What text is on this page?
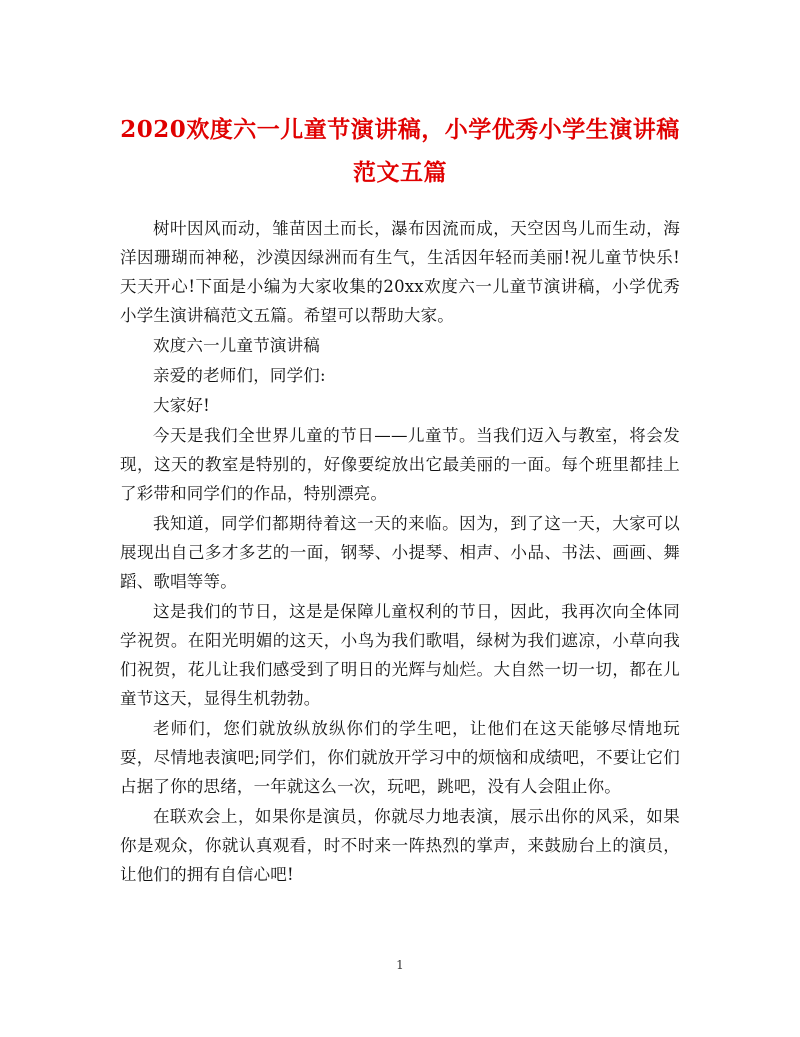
2020欢度六一儿童节演讲稿，小学优秀小学生演讲稿范文五篇

树叶因风而动，雏苗因土而长，瀑布因流而成，天空因鸟儿而生动，海洋因珊瑚而神秘，沙漠因绿洲而有生气，生活因年轻而美丽!祝儿童节快乐!天天开心!下面是小编为大家收集的20xx欢度六一儿童节演讲稿，小学优秀小学生演讲稿范文五篇。希望可以帮助大家。

欢度六一儿童节演讲稿

亲爱的老师们，同学们:

大家好!

今天是我们全世界儿童的节日——儿童节。当我们迈入与教室，将会发现，这天的教室是特别的，好像要绽放出它最美丽的一面。每个班里都挂上了彩带和同学们的作品，特别漂亮。

我知道，同学们都期待着这一天的来临。因为，到了这一天，大家可以展现出自己多才多艺的一面，钢琴、小提琴、相声、小品、书法、画画、舞蹈、歌唱等等。

这是我们的节日，这是是保障儿童权利的节日，因此，我再次向全体同学祝贺。在阳光明媚的这天，小鸟为我们歌唱，绿树为我们遮凉，小草向我们祝贺，花儿让我们感受到了明日的光辉与灿烂。大自然一切一切，都在儿童节这天，显得生机勃勃。

老师们，您们就放纵放纵你们的学生吧，让他们在这天能够尽情地玩耍，尽情地表演吧;同学们，你们就放开学习中的烦恼和成绩吧，不要让它们占据了你的思绪，一年就这么一次，玩吧，跳吧，没有人会阻止你。

在联欢会上，如果你是演员，你就尽力地表演，展示出你的风采，如果你是观众，你就认真观看，时不时来一阵热烈的掌声，来鼓励台上的演员，让他们的拥有自信心吧!

1
